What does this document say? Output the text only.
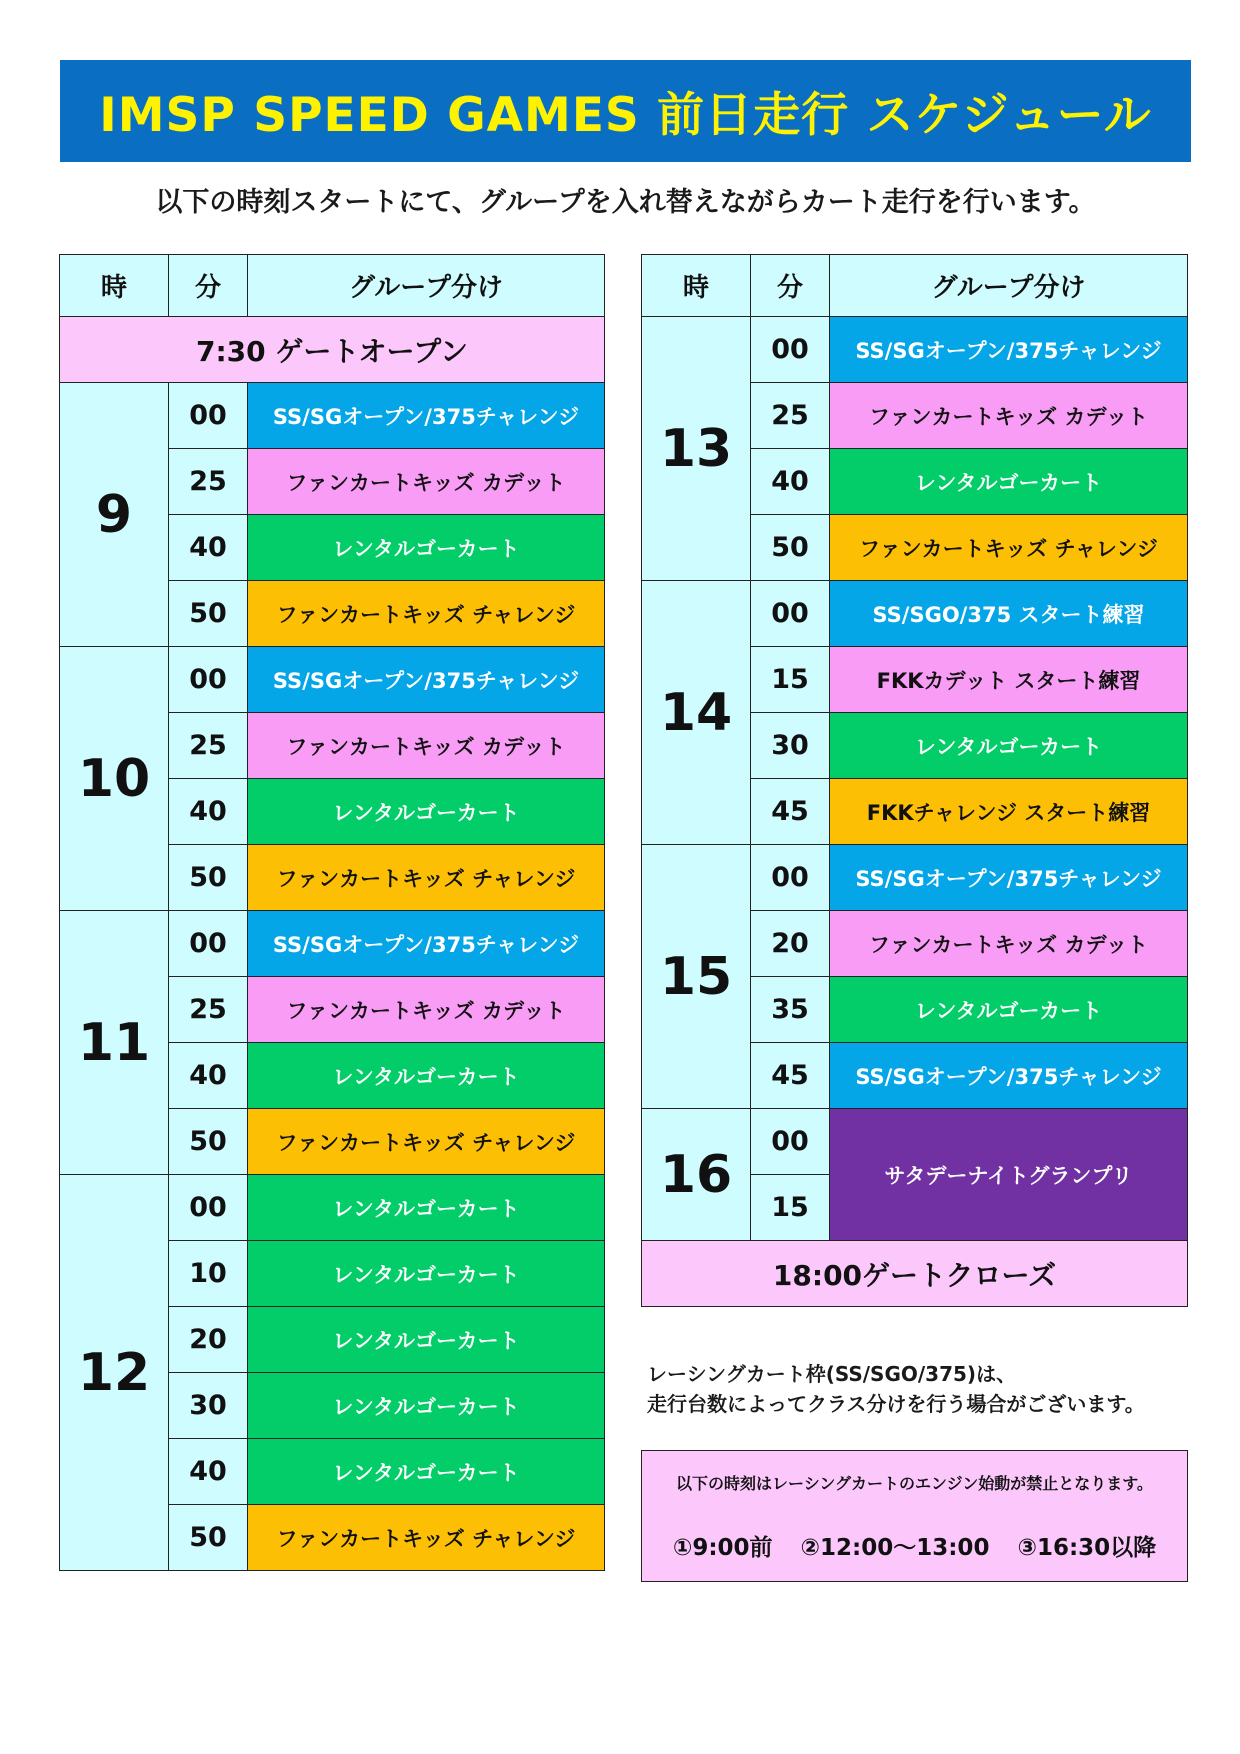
IMSP SPEED GAMES 前日走行 スケジュール
以下の時刻スタートにて、グループを入れ替えながらカート走行を行います。
時	分	グループ分け
7:30 ゲートオープン		
9	00	SS/SGオープン/375チャレンジ
	25	ファンカートキッズ カデット
	40	レンタルゴーカート
	50	ファンカートキッズ チャレンジ
10	00	SS/SGオープン/375チャレンジ
	25	ファンカートキッズ カデット
	40	レンタルゴーカート
	50	ファンカートキッズ チャレンジ
11	00	SS/SGオープン/375チャレンジ
	25	ファンカートキッズ カデット
	40	レンタルゴーカート
	50	ファンカートキッズ チャレンジ
12	00	レンタルゴーカート
	10	レンタルゴーカート
	20	レンタルゴーカート
	30	レンタルゴーカート
	40	レンタルゴーカート
	50	ファンカートキッズ チャレンジ
時	分	グループ分け
13	00	SS/SGオープン/375チャレンジ
	25	ファンカートキッズ カデット
	40	レンタルゴーカート
	50	ファンカートキッズ チャレンジ
14	00	SS/SGO/375 スタート練習
	15	FKKカデット スタート練習
	30	レンタルゴーカート
	45	FKKチャレンジ スタート練習
15	00	SS/SGオープン/375チャレンジ
	20	ファンカートキッズ カデット
	35	レンタルゴーカート
	45	SS/SGオープン/375チャレンジ
16	00	サタデーナイトグランプリ
	15	
18:00ゲートクローズ		
レーシングカート枠(SS/SGO/375)は、
走行台数によってクラス分けを行う場合がございます。
以下の時刻はレーシングカートのエンジン始動が禁止となります。
①9:00前 ②12:00～13:00 ③16:30以降
